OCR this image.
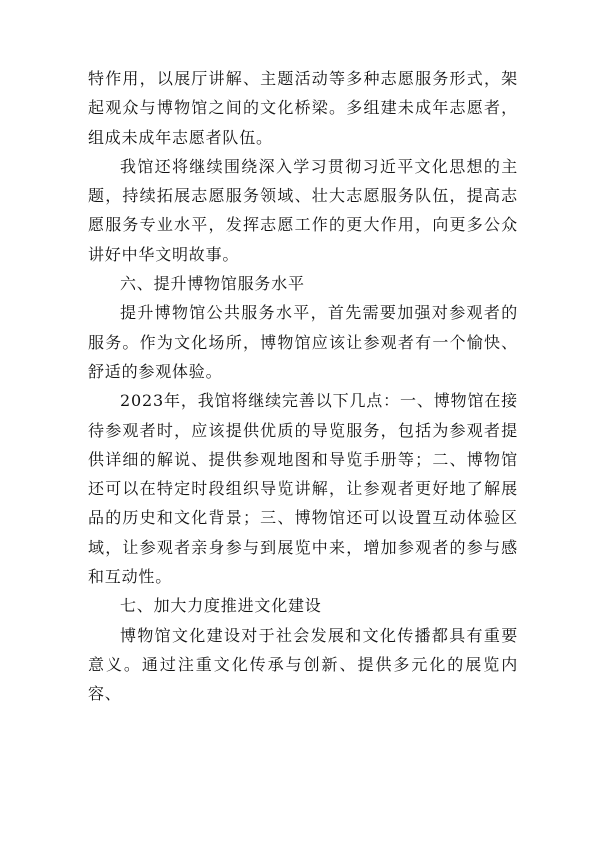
特作用，以展厅讲解、主题活动等多种志愿服务形式，架起观众与博物馆之间的文化桥梁。多组建未成年志愿者，组成未成年志愿者队伍。

我馆还将继续围绕深入学习贯彻习近平文化思想的主题，持续拓展志愿服务领域、壮大志愿服务队伍，提高志愿服务专业水平，发挥志愿工作的更大作用，向更多公众讲好中华文明故事。

六、提升博物馆服务水平

提升博物馆公共服务水平，首先需要加强对参观者的服务。作为文化场所，博物馆应该让参观者有一个愉快、舒适的参观体验。

2023年，我馆将继续完善以下几点：一、博物馆在接待参观者时，应该提供优质的导览服务，包括为参观者提供详细的解说、提供参观地图和导览手册等；二、博物馆还可以在特定时段组织导览讲解，让参观者更好地了解展品的历史和文化背景；三、博物馆还可以设置互动体验区域，让参观者亲身参与到展览中来，增加参观者的参与感和互动性。

七、加大力度推进文化建设

博物馆文化建设对于社会发展和文化传播都具有重要意义。通过注重文化传承与创新、提供多元化的展览内容、
